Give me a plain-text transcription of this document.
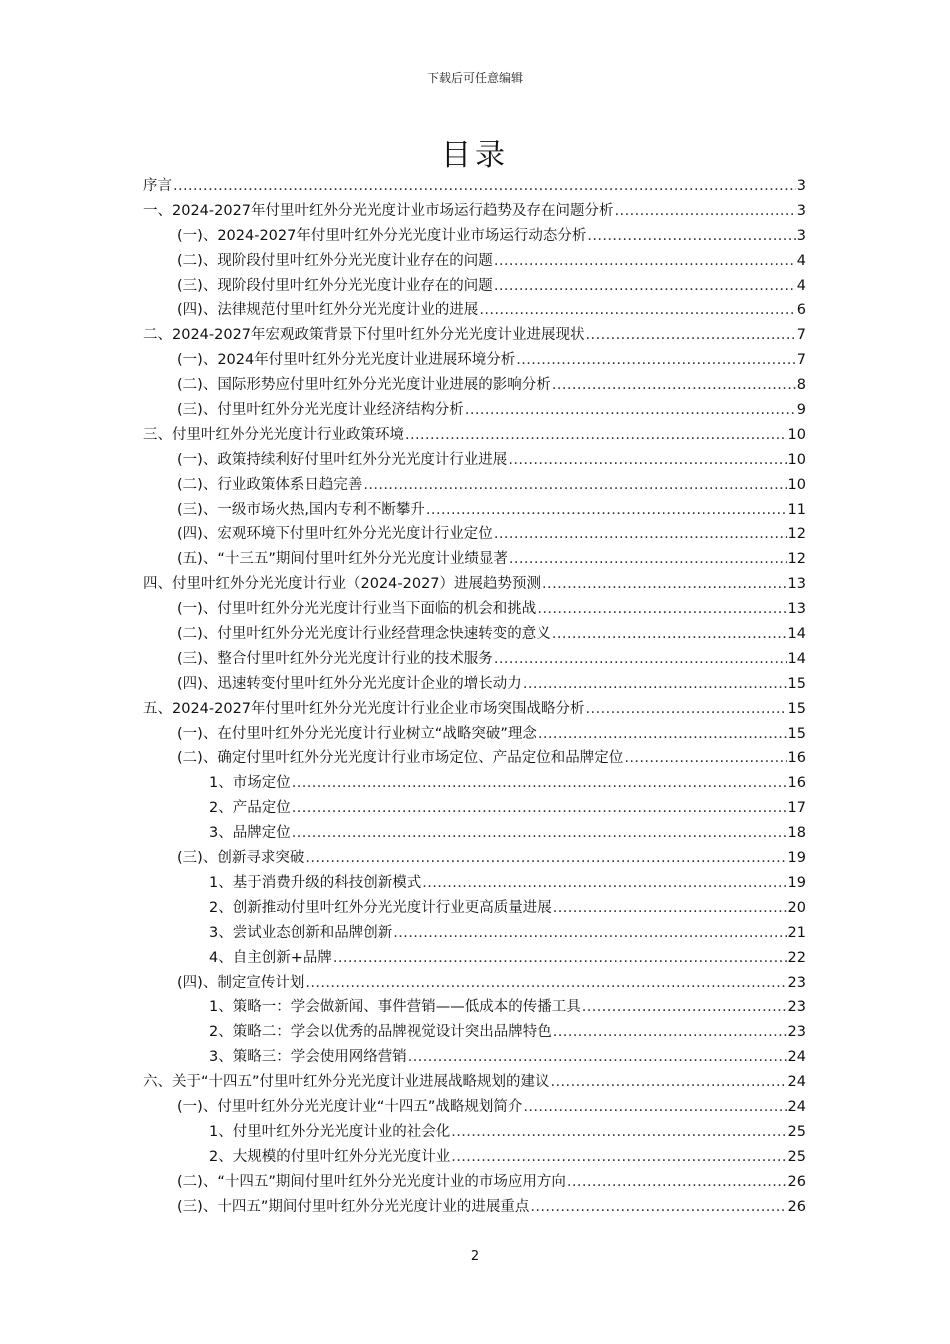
下载后可任意编辑
目录
序言 .....	3
一、2024-2027年付里叶红外分光光度计业市场运行趋势及存在问题分析 .....	3
(一)、2024-2027年付里叶红外分光光度计业市场运行动态分析 .....	3
(二)、现阶段付里叶红外分光光度计业存在的问题 .....	4
(三)、现阶段付里叶红外分光光度计业存在的问题 .....	4
(四)、法律规范付里叶红外分光光度计业的进展 .....	6
二、2024-2027年宏观政策背景下付里叶红外分光光度计业进展现状 .....	7
(一)、2024年付里叶红外分光光度计业进展环境分析 .....	7
(二)、国际形势应付里叶红外分光光度计业进展的影响分析 .....	8
(三)、付里叶红外分光光度计业经济结构分析 .....	9
三、付里叶红外分光光度计行业政策环境 .....	10
(一)、政策持续利好付里叶红外分光光度计行业进展 .....	10
(二)、行业政策体系日趋完善 .....	10
(三)、一级市场火热,国内专利不断攀升 .....	11
(四)、宏观环境下付里叶红外分光光度计行业定位 .....	12
(五)、“十三五”期间付里叶红外分光光度计业绩显著 .....	12
四、付里叶红外分光光度计行业（2024-2027）进展趋势预测 .....	13
(一)、付里叶红外分光光度计行业当下面临的机会和挑战 .....	13
(二)、付里叶红外分光光度计行业经营理念快速转变的意义 .....	14
(三)、整合付里叶红外分光光度计行业的技术服务 .....	14
(四)、迅速转变付里叶红外分光光度计企业的增长动力 .....	15
五、2024-2027年付里叶红外分光光度计行业企业市场突围战略分析 .....	15
(一)、在付里叶红外分光光度计行业树立“战略突破”理念 .....	15
(二)、确定付里叶红外分光光度计行业市场定位、产品定位和品牌定位 .....	16
1、市场定位 .....	16
2、产品定位 .....	17
3、品牌定位 .....	18
(三)、创新寻求突破 .....	19
1、基于消费升级的科技创新模式 .....	19
2、创新推动付里叶红外分光光度计行业更高质量进展 .....	20
3、尝试业态创新和品牌创新 .....	21
4、自主创新+品牌 .....	22
(四)、制定宣传计划 .....	23
1、策略一：学会做新闻、事件营销——低成本的传播工具 .....	23
2、策略二：学会以优秀的品牌视觉设计突出品牌特色 .....	23
3、策略三：学会使用网络营销 .....	24
六、关于“十四五”付里叶红外分光光度计业进展战略规划的建议 .....	24
(一)、付里叶红外分光光度计业“十四五”战略规划简介 .....	24
1、付里叶红外分光光度计业的社会化 .....	25
2、大规模的付里叶红外分光光度计业 .....	25
(二)、“十四五”期间付里叶红外分光光度计业的市场应用方向 .....	26
(三)、十四五”期间付里叶红外分光光度计业的进展重点 .....	26
2
